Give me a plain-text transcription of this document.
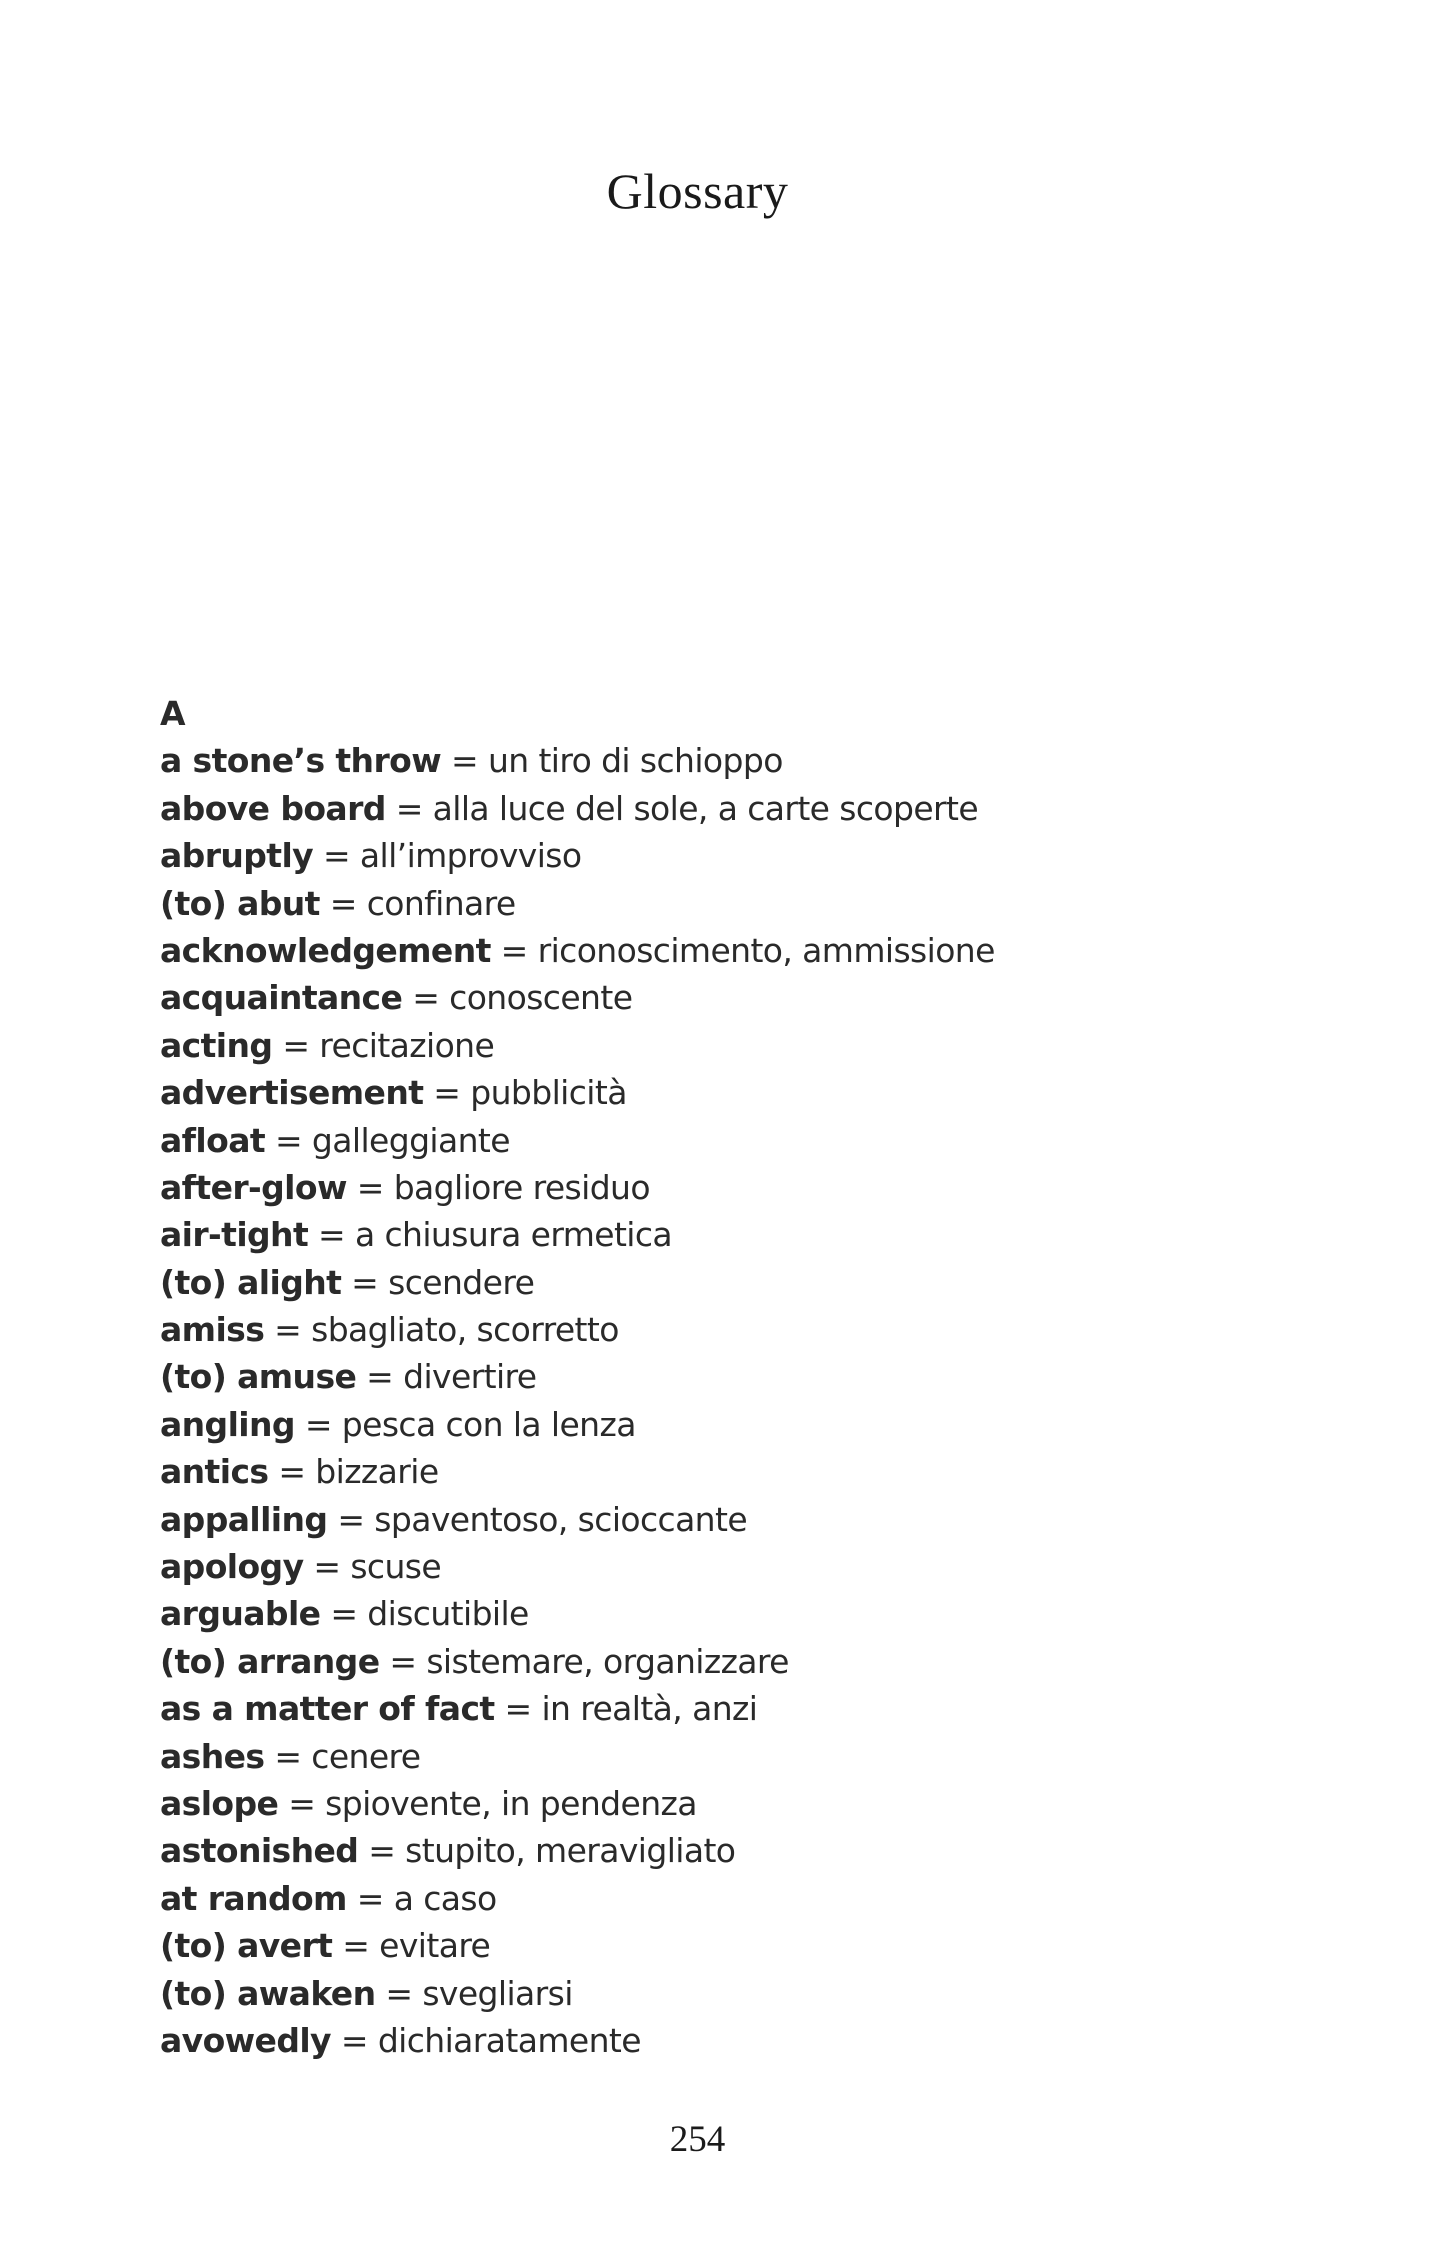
Glossary
A
a stone’s throw = un tiro di schioppo
above board = alla luce del sole, a carte scoperte
abruptly = all’improvviso
(to) abut = confinare
acknowledgement = riconoscimento, ammissione
acquaintance = conoscente
acting = recitazione
advertisement = pubblicità
afloat = galleggiante
after-glow = bagliore residuo
air-tight = a chiusura ermetica
(to) alight = scendere
amiss = sbagliato, scorretto
(to) amuse = divertire
angling = pesca con la lenza
antics = bizzarie
appalling = spaventoso, scioccante
apology = scuse
arguable = discutibile
(to) arrange = sistemare, organizzare
as a matter of fact = in realtà, anzi
ashes = cenere
aslope = spiovente, in pendenza
astonished = stupito, meravigliato
at random = a caso
(to) avert = evitare
(to) awaken = svegliarsi
avowedly = dichiaratamente
254
